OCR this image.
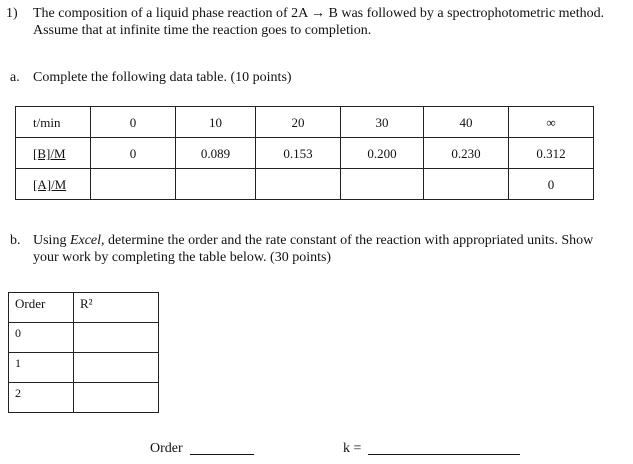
1) The composition of a liquid phase reaction of 2A → B was followed by a spectrophotometric method.
Assume that at infinite time the reaction goes to completion.
a. Complete the following data table. (10 points)
t/min	0	10	20	30	40	∞
[B]/M	0	0.089	0.153	0.200	0.230	0.312
[A]/M						0
b. Using Excel, determine the order and the rate constant of the reaction with appropriated units. Show
your work by completing the table below. (30 points)
Order	R²
0	
1	
2	
Order	k =
